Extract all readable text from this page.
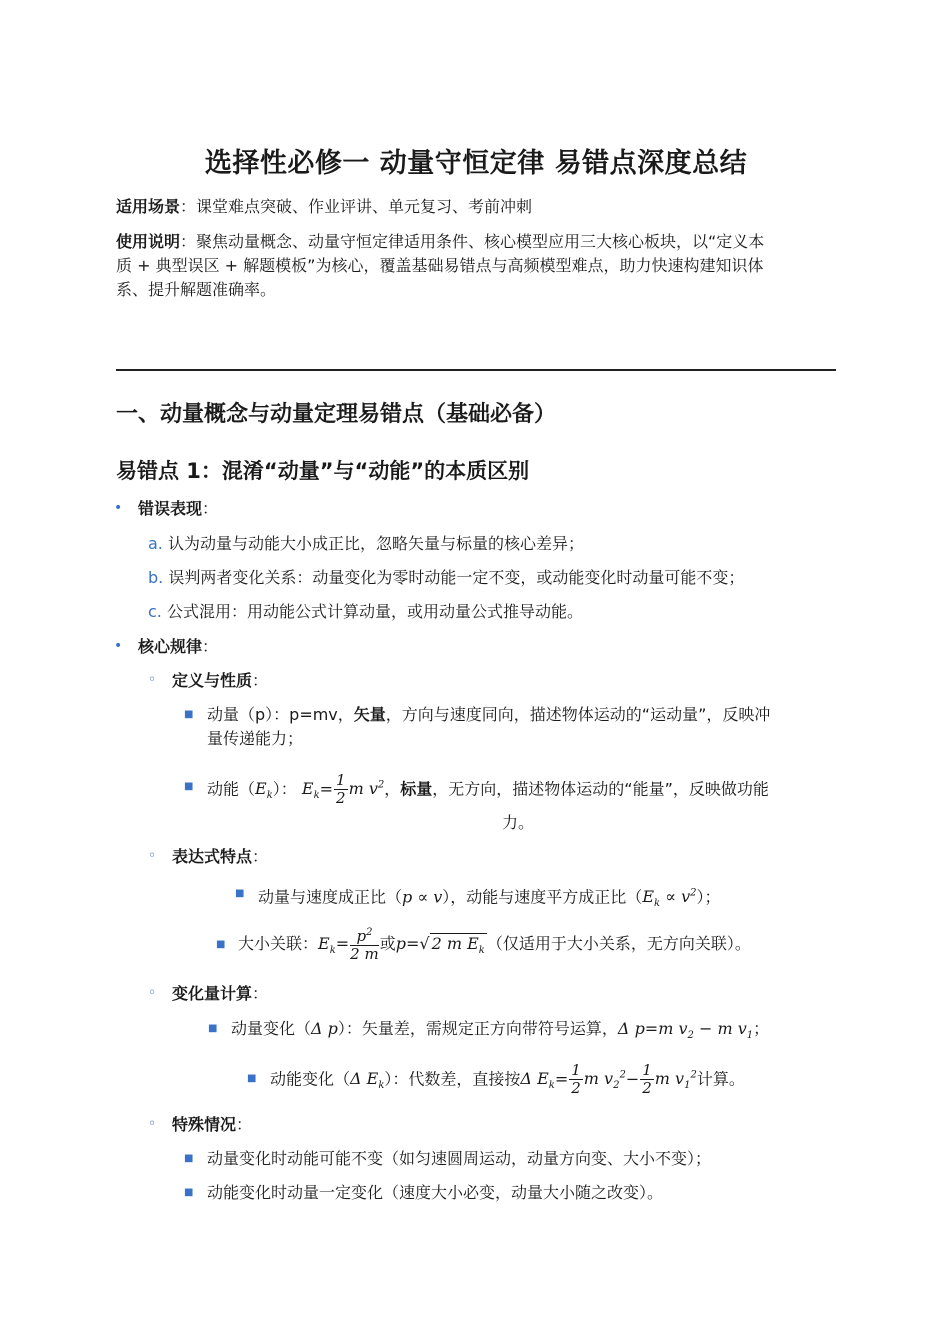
选择性必修一 动量守恒定律 易错点深度总结
适用场景：课堂难点突破、作业评讲、单元复习、考前冲刺
使用说明：聚焦动量概念、动量守恒定律适用条件、核心模型应用三大核心板块，以“定义本
质 + 典型误区 + 解题模板”为核心，覆盖基础易错点与高频模型难点，助力快速构建知识体
系、提升解题准确率。
一、动量概念与动量定理易错点（基础必备）
易错点 1：混淆“动量”与“动能”的本质区别
• 错误表现：
a. 认为动量与动能大小成正比，忽略矢量与标量的核心差异；
b. 误判两者变化关系：动量变化为零时动能一定不变，或动能变化时动量可能不变；
c. 公式混用：用动能公式计算动量，或用动量公式推导动能。
• 核心规律：
◦ 定义与性质：
■ 动量（p）：p=mv，矢量，方向与速度同向，描述物体运动的“运动量”，反映冲
量传递能力；
■ 动能$(E_k)$： $E_k= \frac{1}{2}$ m $v^2$，标量，无方向，描述物体运动的“能量”，反映做功能
力。
◦ 表达式特点：
■ 动量与速度成正比（p ∝ v），动能与速度平方成正比$(E_k \propto v^2)$；
■ 大小关联：$E_k= \frac{p^2}{2 m}$ 或p=√ 2 m $E_k$ （仅适用于大小关系，无方向关联）。
◦ 变化量计算：
■ 动量变化（Δ p）：矢量差，需规定正方向带符号运算，Δ p=m $v_2 - m$ $v_1$；
■ 动能变化（Δ $E_k$）：代数差，直接按Δ $E_k= \frac{1}{2}$ m $v_2^2- \frac{1}{2}$ m $v_1^2$计算。
◦ 特殊情况：
■ 动量变化时动能可能不变（如匀速圆周运动，动量方向变、大小不变）；
■ 动能变化时动量一定变化（速度大小必变，动量大小随之改变）。
